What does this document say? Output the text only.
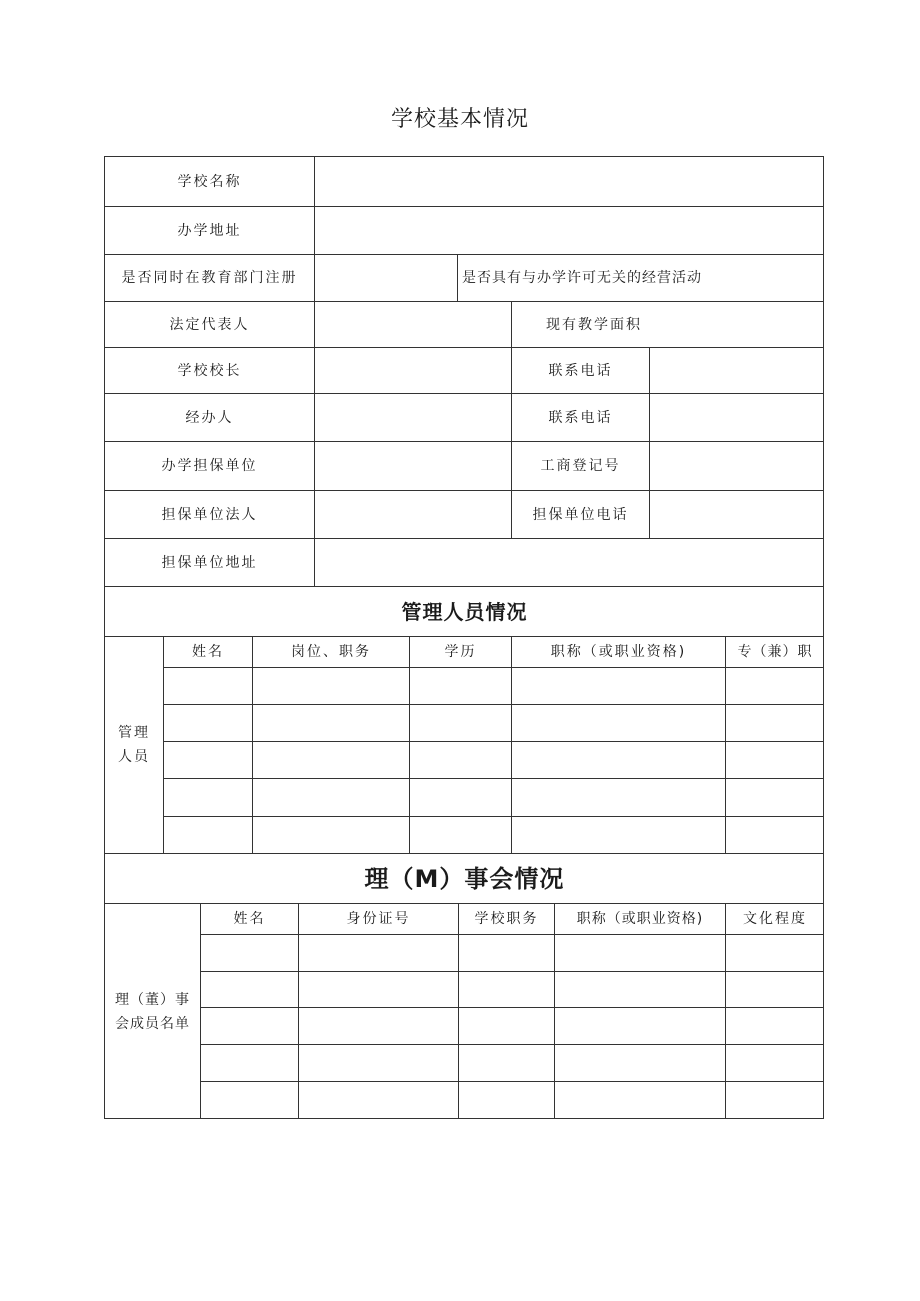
学校基本情况
学校名称
办学地址
是否同时在教育部门注册	是否具有与办学许可无关的经营活动
法定代表人	现有教学面积
学校校长	联系电话
经办人	联系电话
办学担保单位	工商登记号
担保单位法人	担保单位电话
担保单位地址
管理人员情况
管理人员
姓名	岗位、职务	学历	职称（或职业资格)	专（兼）职
理（M）事会情况
理（董）事会成员名单
姓名	身份证号	学校职务	职称（或职业资格)	文化程度
